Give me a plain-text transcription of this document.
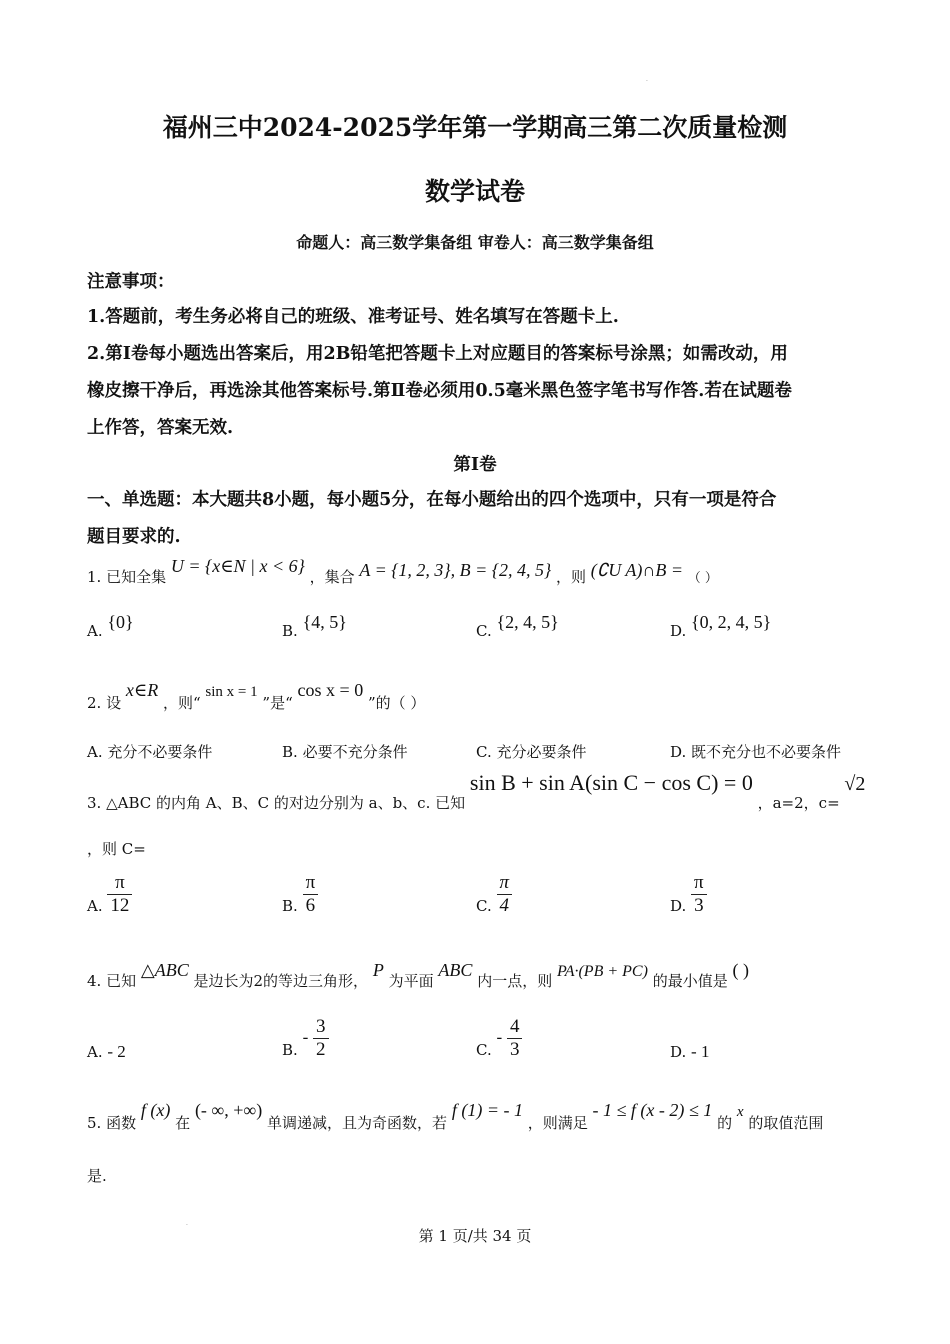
·
福州三中2024-2025学年第一学期高三第二次质量检测
数学试卷
命题人：高三数学集备组 审卷人：高三数学集备组
注意事项：
1.答题前，考生务必将自己的班级、准考证号、姓名填写在答题卡上.
2.第Ⅰ卷每小题选出答案后，用2B铅笔把答题卡上对应题目的答案标号涂黑；如需改动，用
橡皮擦干净后，再选涂其他答案标号.第Ⅱ卷必须用0.5毫米黑色签字笔书写作答.若在试题卷
上作答，答案无效.
第Ⅰ卷
一、单选题：本大题共8小题，每小题5分，在每小题给出的四个选项中，只有一项是符合
题目要求的.
1. 已知全集 U = {x∈N | x < 6} ，集合 A = {1, 2, 3}, B = {2, 4, 5} ，则 (∁U A)∩B = （ ）
A. {0}	B. {4, 5}	C. {2, 4, 5}	D. {0, 2, 4, 5}
2. 设 x∈R ，则“ sin x = 1 ”是“ cos x = 0 ”的（ ）
A. 充分不必要条件	B. 必要不充分条件	C. 充分必要条件	D. 既不充分也不必要条件
3. △ABC 的内角 A、B、C 的对边分别为 a、b、c. 已知 sin B + sin A(sin C − cos C) = 0 ，a=2，c= √2
，则 C=
A. $\frac{\pi}{12}$	B. $\frac{\pi}{6}$	C. $\frac{\pi}{4}$	D. $\frac{\pi}{3}$
4. 已知 △ABC 是边长为2的等边三角形， P 为平面 ABC 内一点，则 PA·(PB + PC) 的最小值是 ( )
A. - 2	B. - $\frac{3}{2}$	C. - $\frac{4}{3}$	D. - 1
5. 函数 f (x) 在 (- ∞, +∞) 单调递减，且为奇函数，若 f (1) = - 1 ，则满足 - 1 ≤ f (x - 2) ≤ 1 的 x 的取值范围
是.
·
第 1 页/共 34 页
